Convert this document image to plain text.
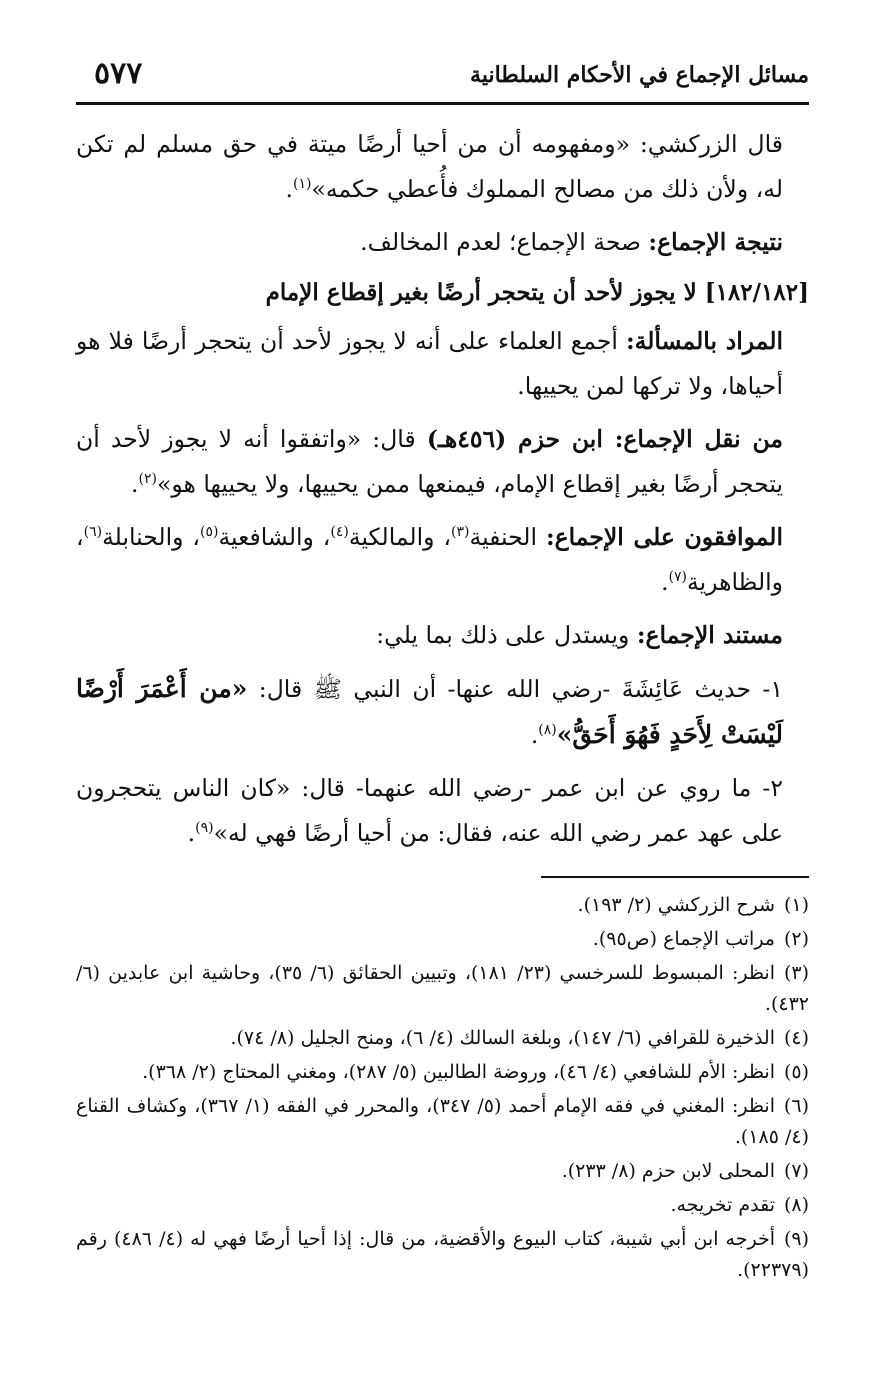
مسائل الإجماع في الأحكام السلطانية
٥٧٧

قال الزركشي: «ومفهومه أن من أحيا أرضًا ميتة في حق مسلم لم تكن له، ولأن ذلك من مصالح المملوك فأُعطي حكمه»$^{(١)}$.

نتيجة الإجماع: صحة الإجماع؛ لعدم المخالف.

[١٨٢/١٨٢] لا يجوز لأحد أن يتحجر أرضًا بغير إقطاع الإمام

المراد بالمسألة: أجمع العلماء على أنه لا يجوز لأحد أن يتحجر أرضًا فلا هو أحياها، ولا تركها لمن يحييها.

من نقل الإجماع: ابن حزم (٤٥٦هـ) قال: «واتفقوا أنه لا يجوز لأحد أن يتحجر أرضًا بغير إقطاع الإمام، فيمنعها ممن يحييها، ولا يحييها هو»$^{(٢)}$.

الموافقون على الإجماع: الحنفية$^{(٣)}$، والمالكية$^{(٤)}$، والشافعية$^{(٥)}$، والحنابلة$^{(٦)}$، والظاهرية$^{(٧)}$.

مستند الإجماع: ويستدل على ذلك بما يلي:

١- حديث عَائِشَةَ -رضي الله عنها- أن النبي ﷺ قال: «من أَعْمَرَ أَرْضًا لَيْسَتْ لِأَحَدٍ فَهُوَ أَحَقُّ»$^{(٨)}$.

٢- ما روي عن ابن عمر -رضي الله عنهما- قال: «كان الناس يتحجرون على عهد عمر رضي الله عنه، فقال: من أحيا أرضًا فهي له»$^{(٩)}$.

(١)شرح الزركشي (٢/ ١٩٣).

(٢)مراتب الإجماع (ص٩٥).

(٣)انظر: المبسوط للسرخسي (٢٣/ ١٨١)، وتبيين الحقائق (٦/ ٣٥)، وحاشية ابن عابدين (٦/ ٤٣٢).

(٤)الذخيرة للقرافي (٦/ ١٤٧)، وبلغة السالك (٤/ ٦)، ومنح الجليل (٨/ ٧٤).

(٥)انظر: الأم للشافعي (٤/ ٤٦)، وروضة الطالبين (٥/ ٢٨٧)، ومغني المحتاج (٢/ ٣٦٨).

(٦)انظر: المغني في فقه الإمام أحمد (٥/ ٣٤٧)، والمحرر في الفقه (١/ ٣٦٧)، وكشاف القناع (٤/ ١٨٥).

(٧)المحلى لابن حزم (٨/ ٢٣٣).

(٨)تقدم تخريجه.

(٩)أخرجه ابن أبي شيبة، كتاب البيوع والأقضية، من قال: إذا أحيا أرضًا فهي له (٤/ ٤٨٦) رقم (٢٢٣٧٩).
